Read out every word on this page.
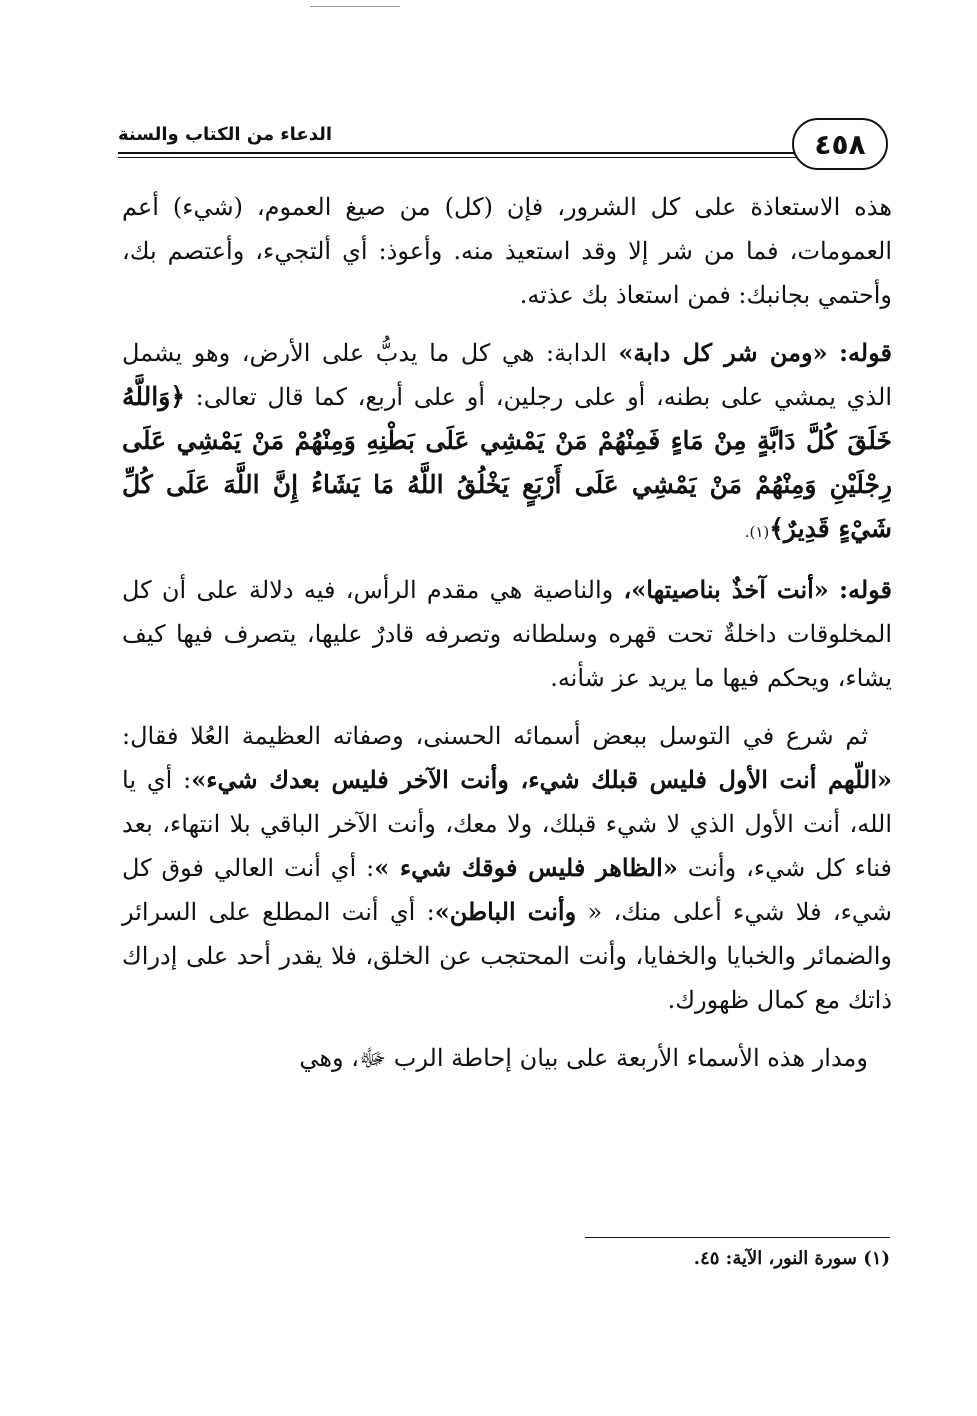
الدعاء من الكتاب والسنة	٤٥٨

هذه الاستعاذة على كل الشرور، فإن (كل) من صيغ العموم، (شيء) أعم العمومات، فما من شر إلا وقد استعيذ منه. وأعوذ: أي ألتجيء، وأعتصم بك، وأحتمي بجانبك: فمن استعاذ بك عذته.

قوله: «ومن شر كل دابة» الدابة: هي كل ما يدبُّ على الأرض، وهو يشمل الذي يمشي على بطنه، أو على رجلين، أو على أربع، كما قال تعالى: ﴿وَاللَّهُ خَلَقَ كُلَّ دَابَّةٍ مِنْ مَاءٍ فَمِنْهُمْ مَنْ يَمْشِي عَلَى بَطْنِهِ وَمِنْهُمْ مَنْ يَمْشِي عَلَى رِجْلَيْنِ وَمِنْهُمْ مَنْ يَمْشِي عَلَى أَرْبَعٍ يَخْلُقُ اللَّهُ مَا يَشَاءُ إِنَّ اللَّهَ عَلَى كُلِّ شَيْءٍ قَدِيرٌ﴾(١).

قوله: «أنت آخذٌ بناصيتها»، والناصية هي مقدم الرأس، فيه دلالة على أن كل المخلوقات داخلةٌ تحت قهره وسلطانه وتصرفه قادرٌ عليها، يتصرف فيها كيف يشاء، ويحكم فيها ما يريد عز شأنه.

ثم شرع في التوسل ببعض أسمائه الحسنى، وصفاته العظيمة العُلا فقال: «اللّهم أنت الأول فليس قبلك شيء، وأنت الآخر فليس بعدك شيء»: أي يا الله، أنت الأول الذي لا شيء قبلك، ولا معك، وأنت الآخر الباقي بلا انتهاء، بعد فناء كل شيء، وأنت «الظاهر فليس فوقك شيء »: أي أنت العالي فوق كل شيء، فلا شيء أعلى منك، « وأنت الباطن»: أي أنت المطلع على السرائر والضمائر والخبايا والخفايا، وأنت المحتجب عن الخلق، فلا يقدر أحد على إدراك ذاتك مع كمال ظهورك.

ومدار هذه الأسماء الأربعة على بيان إحاطة الرب ﷻ، وهي

(١) سورة النور، الآية: ٤٥.
